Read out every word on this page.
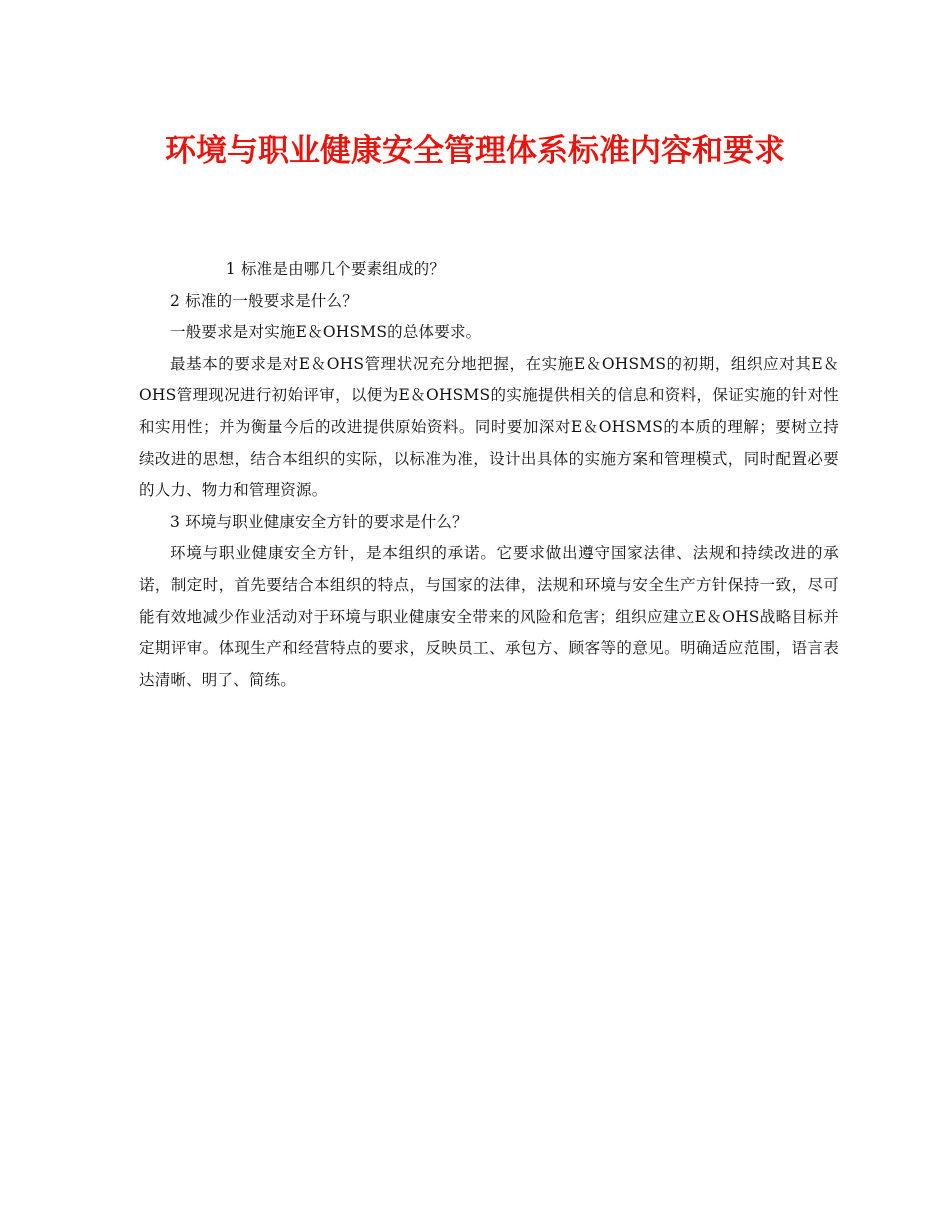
环境与职业健康安全管理体系标准内容和要求

1 标准是由哪几个要素组成的？

2 标准的一般要求是什么？

一般要求是对实施E＆OHSMS的总体要求。

最基本的要求是对E＆OHS管理状况充分地把握，在实施E＆OHSMS的初期，组织应对其E＆OHS管理现况进行初始评审，以便为E＆OHSMS的实施提供相关的信息和资料，保证实施的针对性和实用性；并为衡量今后的改进提供原始资料。同时要加深对E＆OHSMS的本质的理解；要树立持续改进的思想，结合本组织的实际，以标准为准，设计出具体的实施方案和管理模式，同时配置必要的人力、物力和管理资源。

3 环境与职业健康安全方针的要求是什么？

环境与职业健康安全方针，是本组织的承诺。它要求做出遵守国家法律、法规和持续改进的承诺，制定时，首先要结合本组织的特点，与国家的法律，法规和环境与安全生产方针保持一致，尽可能有效地减少作业活动对于环境与职业健康安全带来的风险和危害；组织应建立E＆OHS战略目标并定期评审。体现生产和经营特点的要求，反映员工、承包方、顾客等的意见。明确适应范围，语言表达清晰、明了、简练。
